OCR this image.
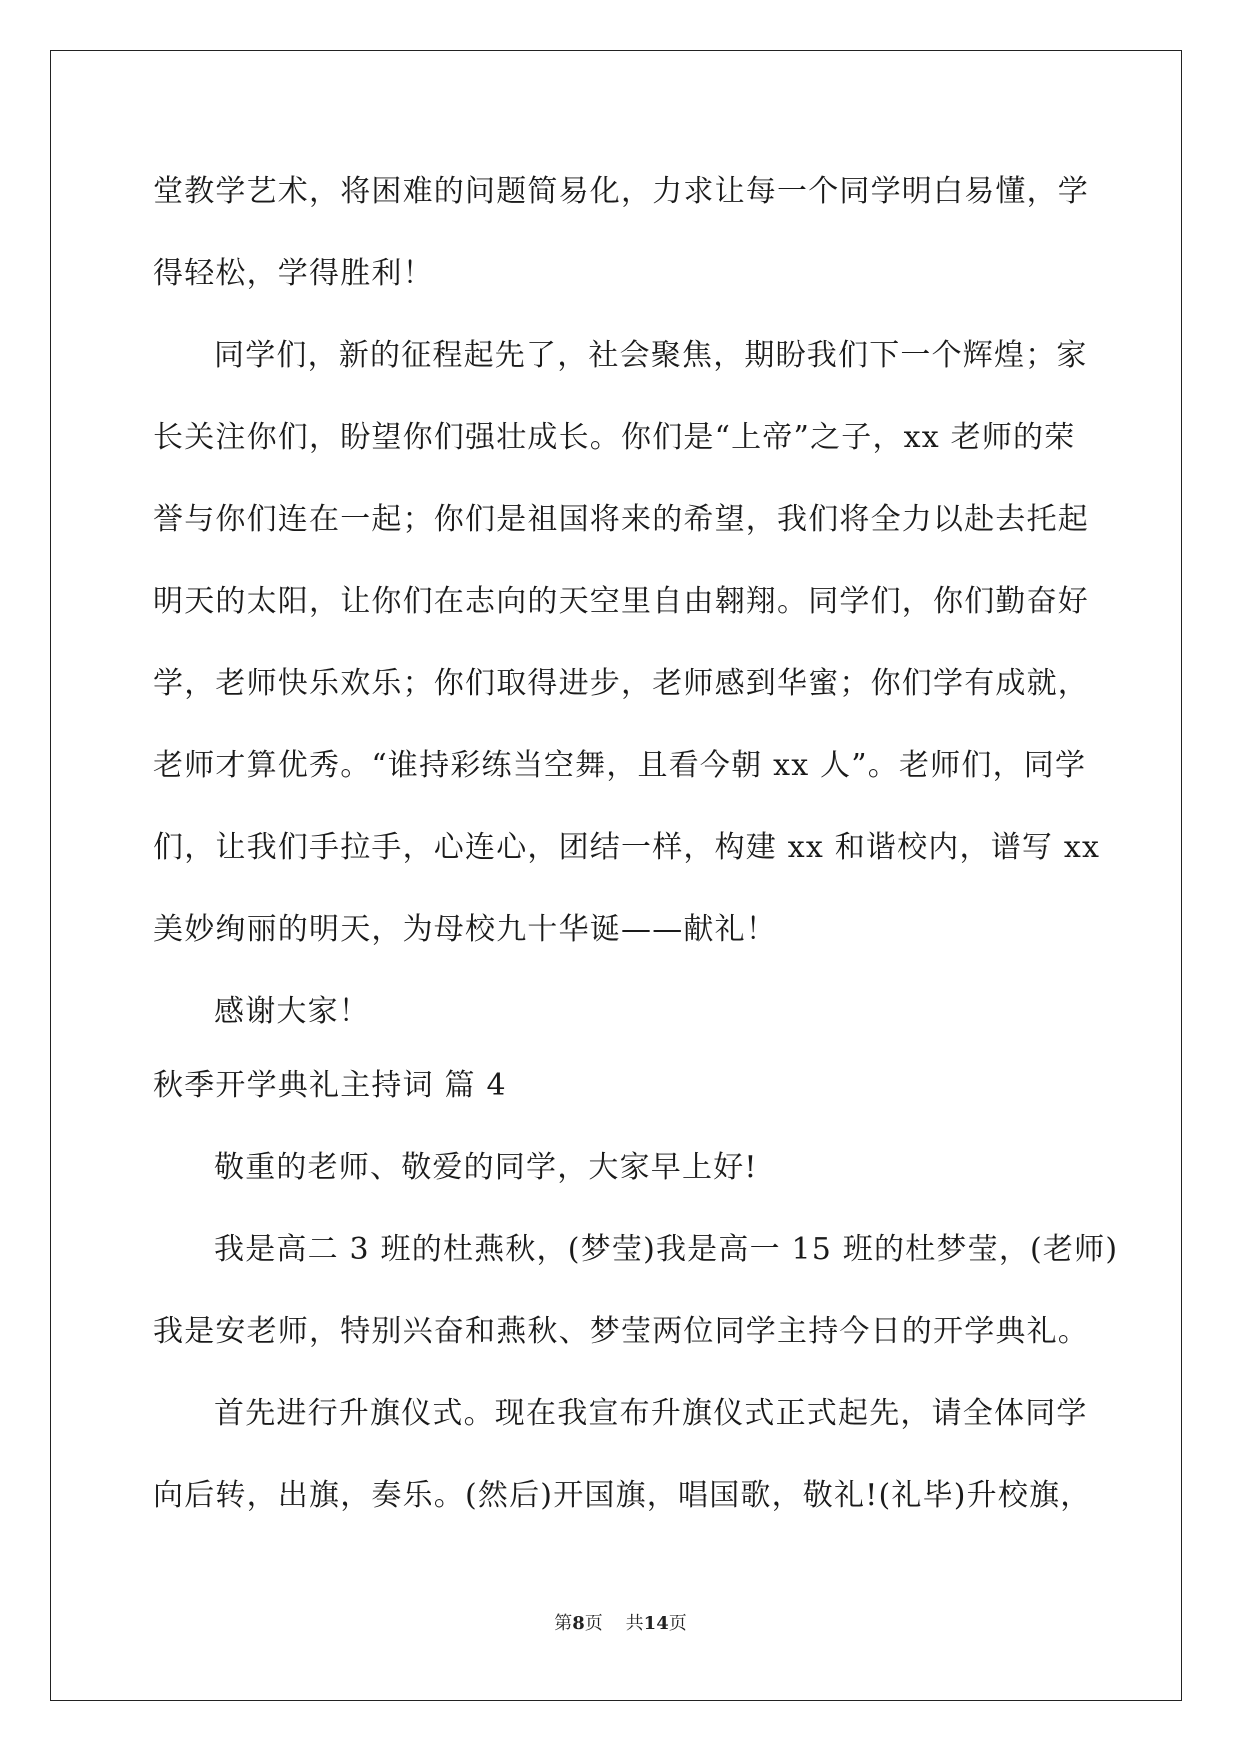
堂教学艺术，将困难的问题简易化，力求让每一个同学明白易懂，学
得轻松，学得胜利！
同学们，新的征程起先了，社会聚焦，期盼我们下一个辉煌；家
长关注你们，盼望你们强壮成长。你们是“上帝”之子，xx 老师的荣
誉与你们连在一起；你们是祖国将来的希望，我们将全力以赴去托起
明天的太阳，让你们在志向的天空里自由翱翔。同学们，你们勤奋好
学，老师快乐欢乐；你们取得进步，老师感到华蜜；你们学有成就，
老师才算优秀。“谁持彩练当空舞，且看今朝 xx 人”。老师们，同学
们，让我们手拉手，心连心，团结一样，构建 xx 和谐校内，谱写 xx
美妙绚丽的明天，为母校九十华诞——献礼！
感谢大家！
秋季开学典礼主持词 篇 4
敬重的老师、敬爱的同学，大家早上好!
我是高二 3 班的杜燕秋，(梦莹)我是高一 15 班的杜梦莹，(老师)
我是安老师，特别兴奋和燕秋、梦莹两位同学主持今日的开学典礼。
首先进行升旗仪式。现在我宣布升旗仪式正式起先，请全体同学
向后转，出旗，奏乐。(然后)开国旗，唱国歌，敬礼!(礼毕)升校旗，
第8页 共14页
